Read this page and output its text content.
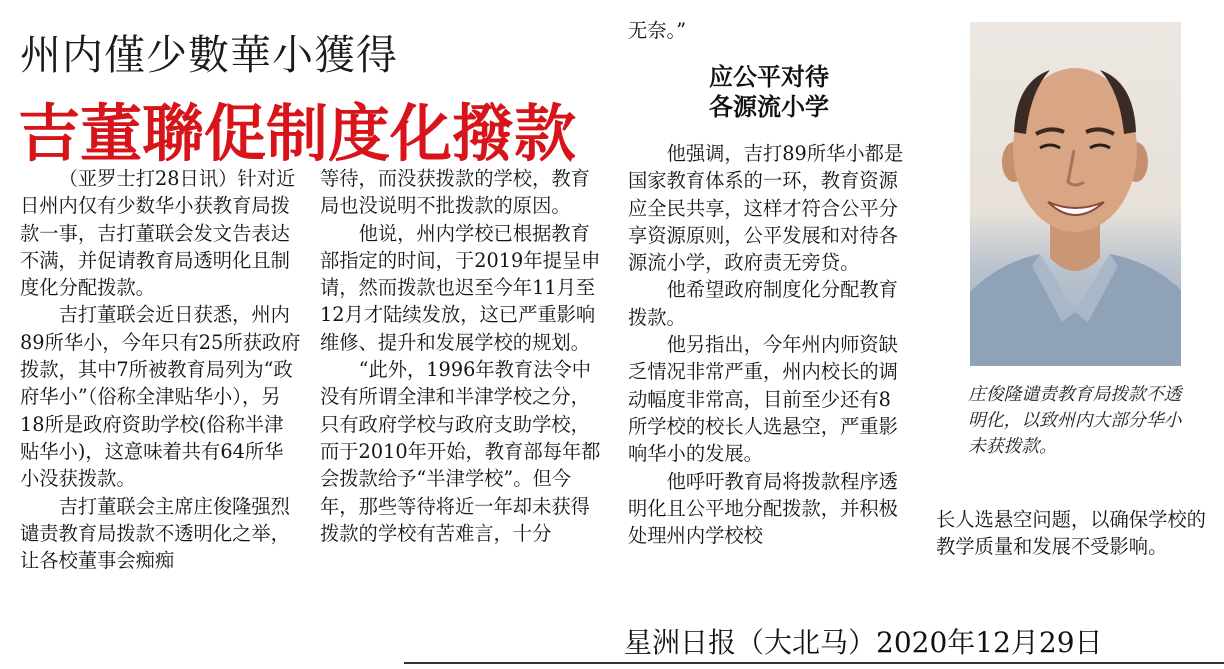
州内僅少數華小獲得
吉董聯促制度化撥款

（亚罗士打28日讯）针对近日州内仅有少数华小获教育局拨款一事，吉打董联会发文告表达不满，并促请教育局透明化且制度化分配拨款。

吉打董联会近日获悉，州内89所华小，今年只有25所获政府拨款，其中7所被教育局列为“政府华小”（俗称全津贴华小），另18所是政府资助学校(俗称半津贴华小)，这意味着共有64所华小没获拨款。

吉打董联会主席庄俊隆强烈谴责教育局拨款不透明化之举，让各校董事会痴痴

等待，而没获拨款的学校，教育局也没说明不批拨款的原因。

他说，州内学校已根据教育部指定的时间，于2019年提呈申请，然而拨款也迟至今年11月至12月才陆续发放，这已严重影响维修、提升和发展学校的规划。

“此外，1996年教育法令中没有所谓全津和半津学校之分，只有政府学校与政府支助学校，而于2010年开始，教育部每年都会拨款给予“半津学校”。但今年，那些等待将近一年却未获得拨款的学校有苦难言，十分

无奈。”
应公平对待
各源流小学

他强调，吉打89所华小都是国家教育体系的一环，教育资源应全民共享，这样才符合公平分享资源原则，公平发展和对待各源流小学，政府责无旁贷。

他希望政府制度化分配教育拨款。

他另指出，今年州内师资缺乏情况非常严重，州内校长的调动幅度非常高，目前至少还有8所学校的校长人选悬空，严重影响华小的发展。

他呼吁教育局将拨款程序透明化且公平地分配拨款，并积极处理州内学校校

庄俊隆谴责教育局拨款不透明化，以致州内大部分华小未获拨款。

长人选悬空问题，以确保学校的教学质量和发展不受影响。

星洲日报（大北马）2020年12月29日
